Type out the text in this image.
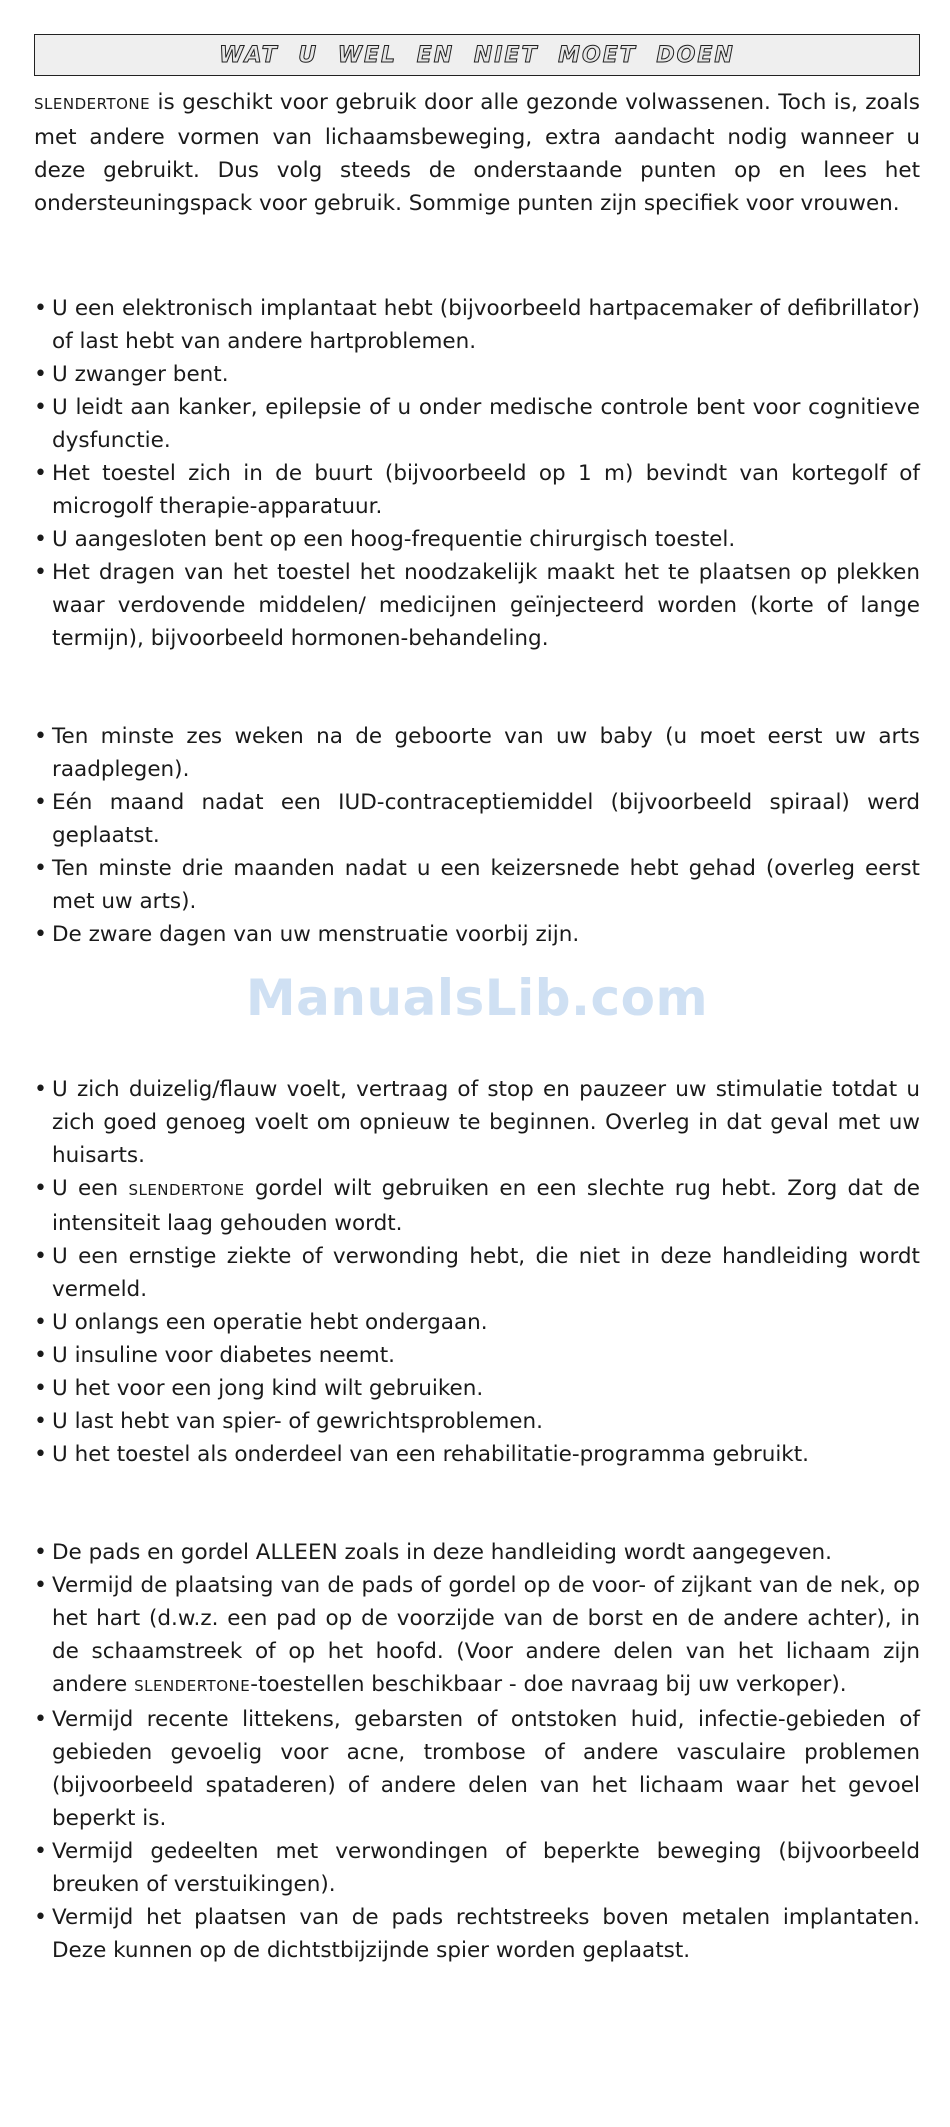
WAT U WEL EN NIET MOET DOEN

SLENDERTONE is geschikt voor gebruik door alle gezonde volwassenen. Toch is, zoals met andere vormen van lichaamsbeweging, extra aandacht nodig wanneer u deze gebruikt. Dus volg steeds de onderstaande punten op en lees het ondersteuningspack voor gebruik. Sommige punten zijn specifiek voor vrouwen.

• U een elektronisch implantaat hebt (bijvoorbeeld hartpacemaker of defibrillator) of last hebt van andere hartproblemen.
• U zwanger bent.
• U leidt aan kanker, epilepsie of u onder medische controle bent voor cognitieve dysfunctie.
• Het toestel zich in de buurt (bijvoorbeeld op 1 m) bevindt van kortegolf of microgolf therapie-apparatuur.
• U aangesloten bent op een hoog-frequentie chirurgisch toestel.
• Het dragen van het toestel het noodzakelijk maakt het te plaatsen op plekken waar verdovende middelen/ medicijnen geïnjecteerd worden (korte of lange termijn), bijvoorbeeld hormonen-behandeling.
• Ten minste zes weken na de geboorte van uw baby (u moet eerst uw arts raadplegen).
• Eén maand nadat een IUD-contraceptiemiddel (bijvoorbeeld spiraal) werd geplaatst.
• Ten minste drie maanden nadat u een keizersnede hebt gehad (overleg eerst met uw arts).
• De zware dagen van uw menstruatie voorbij zijn.
ManualsLib.com
• U zich duizelig/flauw voelt, vertraag of stop en pauzeer uw stimulatie totdat u zich goed genoeg voelt om opnieuw te beginnen. Overleg in dat geval met uw huisarts.
• U een SLENDERTONE gordel wilt gebruiken en een slechte rug hebt. Zorg dat de intensiteit laag gehouden wordt.
• U een ernstige ziekte of verwonding hebt, die niet in deze handleiding wordt vermeld.
• U onlangs een operatie hebt ondergaan.
• U insuline voor diabetes neemt.
• U het voor een jong kind wilt gebruiken.
• U last hebt van spier- of gewrichtsproblemen.
• U het toestel als onderdeel van een rehabilitatie-programma gebruikt.
• De pads en gordel ALLEEN zoals in deze handleiding wordt aangegeven.
• Vermijd de plaatsing van de pads of gordel op de voor- of zijkant van de nek, op het hart (d.w.z. een pad op de voorzijde van de borst en de andere achter), in de schaamstreek of op het hoofd. (Voor andere delen van het lichaam zijn andere SLENDERTONE-toestellen beschikbaar - doe navraag bij uw verkoper).
• Vermijd recente littekens, gebarsten of ontstoken huid, infectie-gebieden of gebieden gevoelig voor acne, trombose of andere vasculaire problemen (bijvoorbeeld spataderen) of andere delen van het lichaam waar het gevoel beperkt is.
• Vermijd gedeelten met verwondingen of beperkte beweging (bijvoorbeeld breuken of verstuikingen).
• Vermijd het plaatsen van de pads rechtstreeks boven metalen implantaten. Deze kunnen op de dichtstbijzijnde spier worden geplaatst.
